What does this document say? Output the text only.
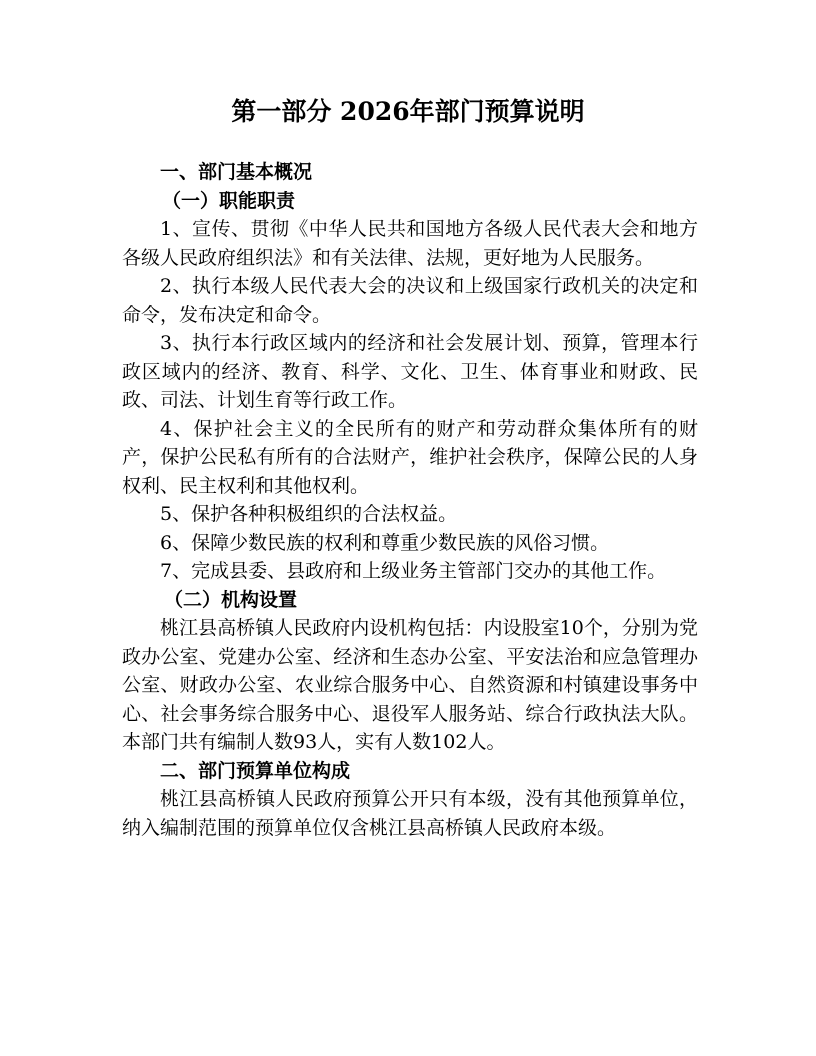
第一部分 2026年部门预算说明

一、部门基本概况

（一）职能职责

1、宣传、贯彻《中华人民共和国地方各级人民代表大会和地方各级人民政府组织法》和有关法律、法规，更好地为人民服务。

2、执行本级人民代表大会的决议和上级国家行政机关的决定和命令，发布决定和命令。

3、执行本行政区域内的经济和社会发展计划、预算，管理本行政区域内的经济、教育、科学、文化、卫生、体育事业和财政、民政、司法、计划生育等行政工作。

4、保护社会主义的全民所有的财产和劳动群众集体所有的财产，保护公民私有所有的合法财产，维护社会秩序，保障公民的人身权利、民主权利和其他权利。

5、保护各种积极组织的合法权益。

6、保障少数民族的权利和尊重少数民族的风俗习惯。

7、完成县委、县政府和上级业务主管部门交办的其他工作。

（二）机构设置

桃江县高桥镇人民政府内设机构包括：内设股室10个，分别为党政办公室、党建办公室、经济和生态办公室、平安法治和应急管理办公室、财政办公室、农业综合服务中心、自然资源和村镇建设事务中心、社会事务综合服务中心、退役军人服务站、综合行政执法大队。本部门共有编制人数93人，实有人数102人。

二、部门预算单位构成

桃江县高桥镇人民政府预算公开只有本级，没有其他预算单位，纳入编制范围的预算单位仅含桃江县高桥镇人民政府本级。
